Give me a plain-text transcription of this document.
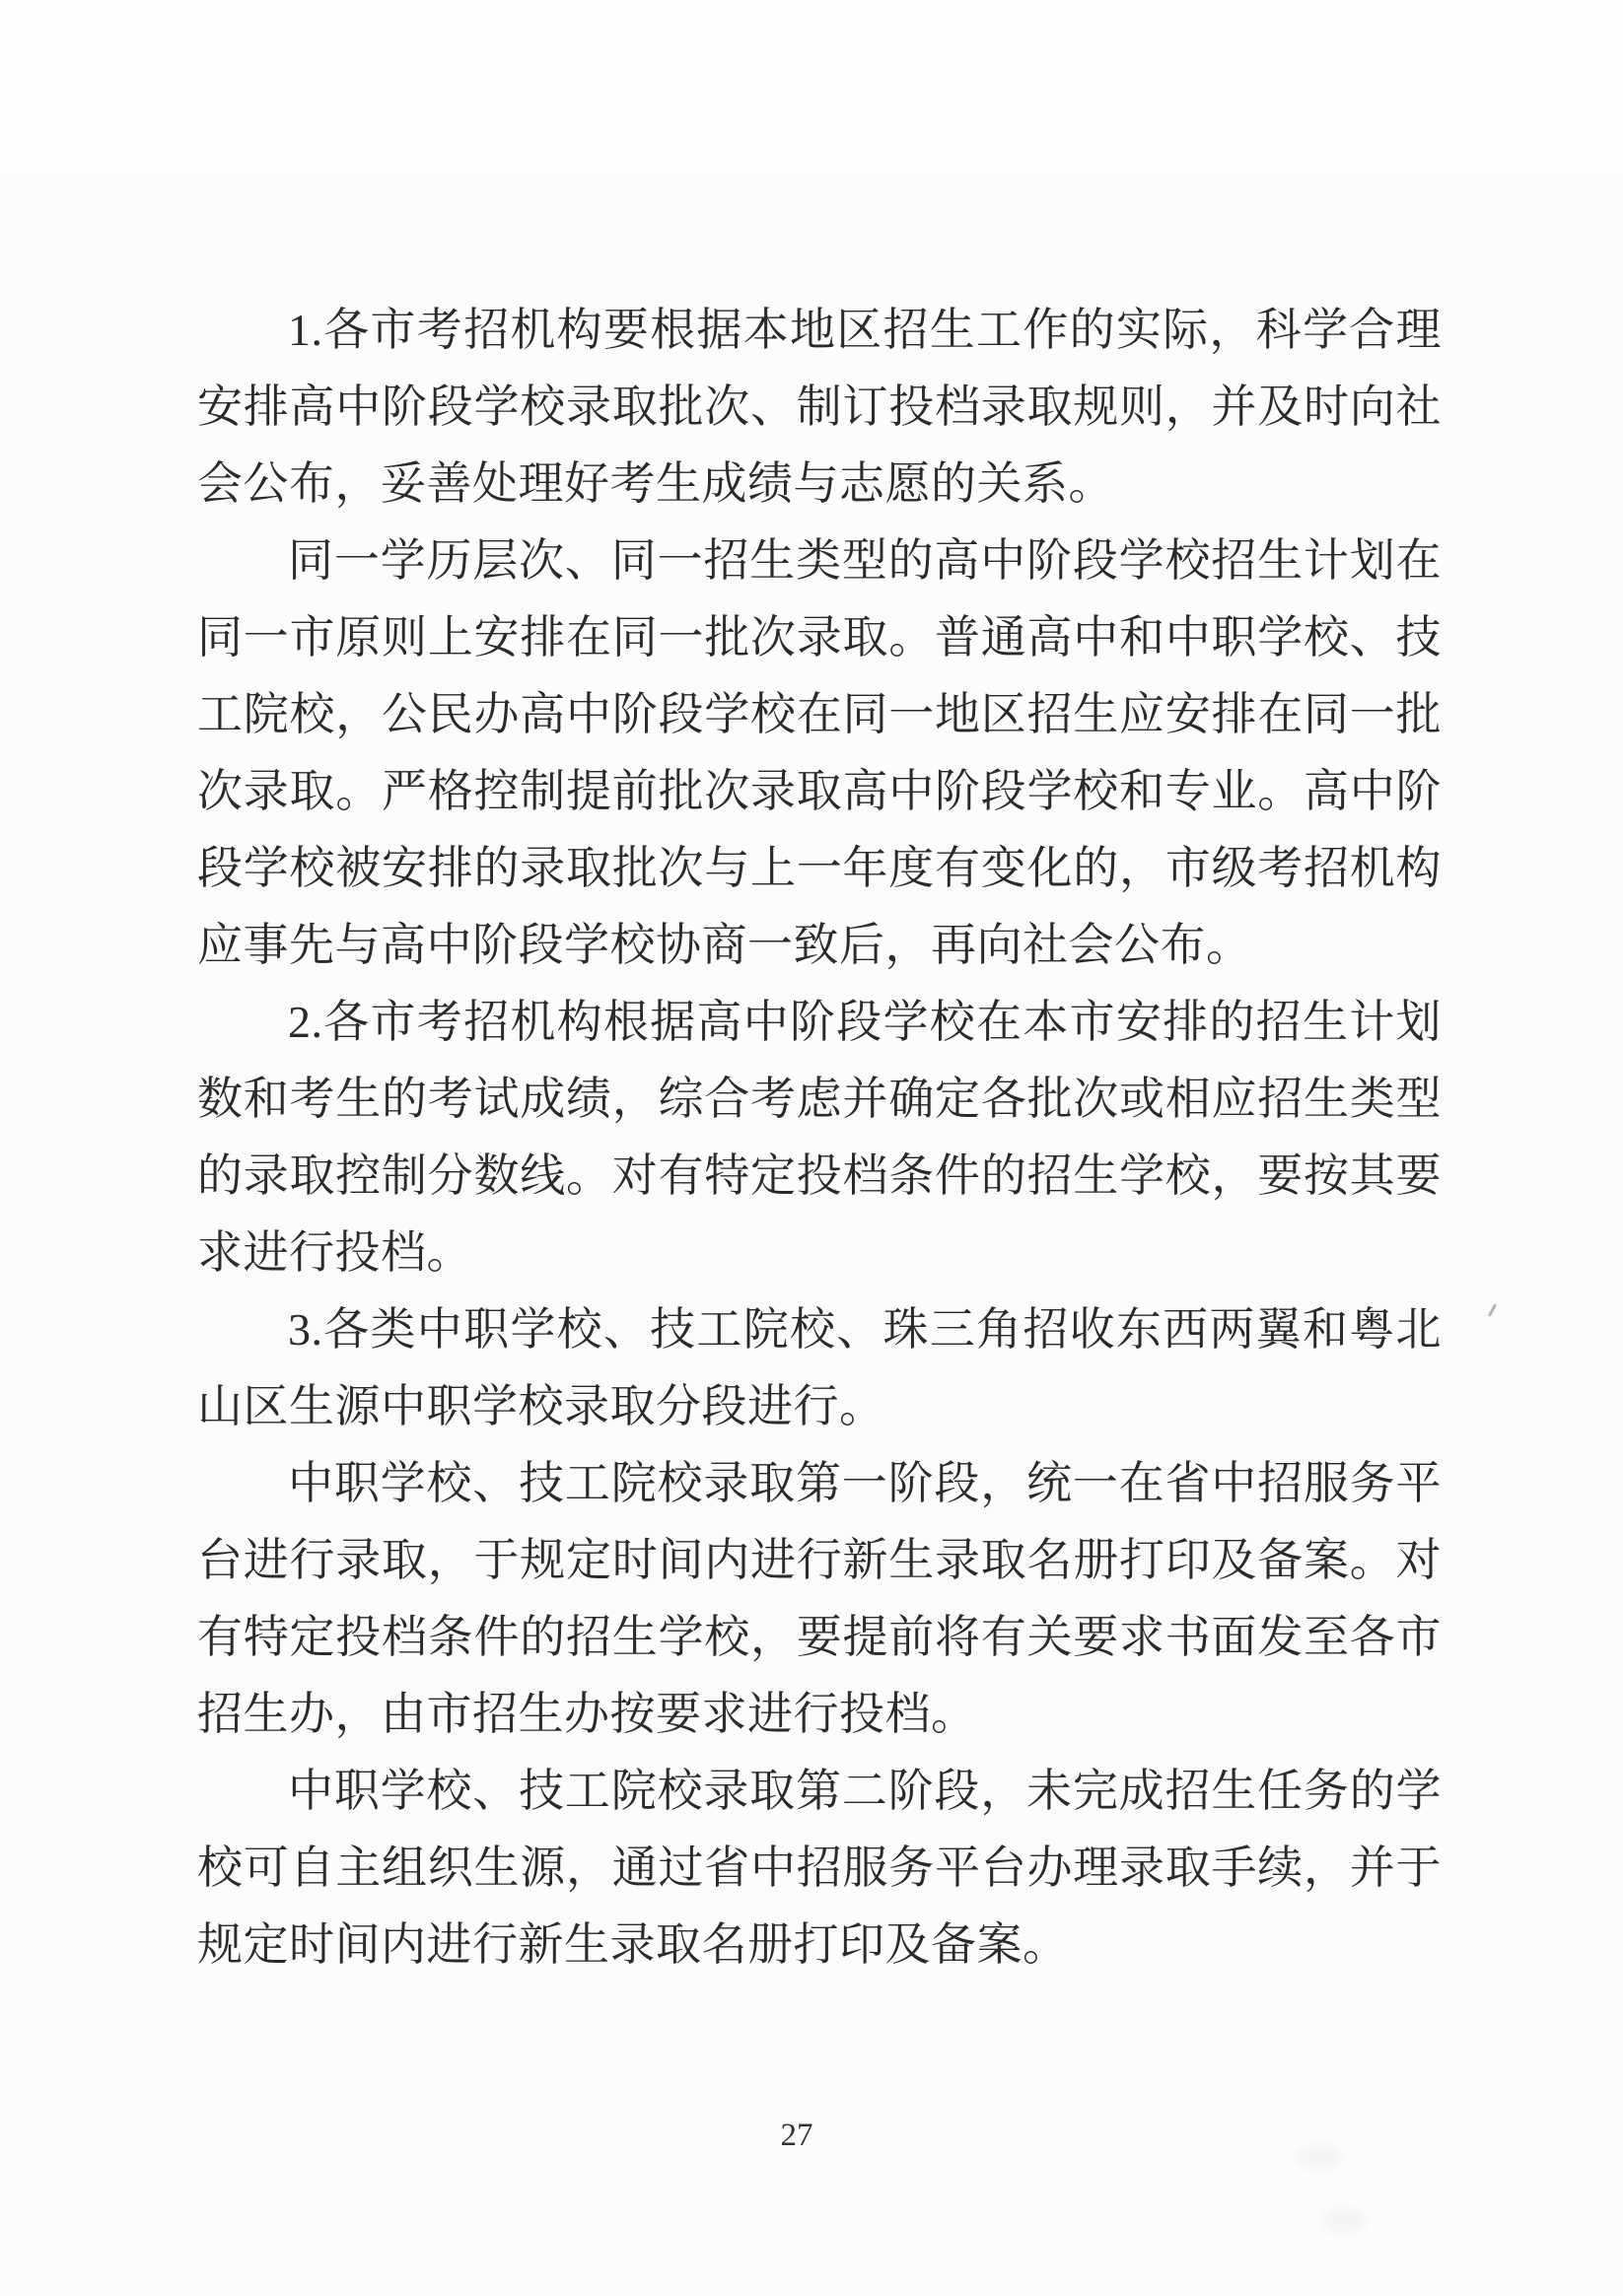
1.各市考招机构要根据本地区招生工作的实际，科学合理安排高中阶段学校录取批次、制订投档录取规则，并及时向社会公布，妥善处理好考生成绩与志愿的关系。

同一学历层次、同一招生类型的高中阶段学校招生计划在同一市原则上安排在同一批次录取。普通高中和中职学校、技工院校，公民办高中阶段学校在同一地区招生应安排在同一批次录取。严格控制提前批次录取高中阶段学校和专业。高中阶段学校被安排的录取批次与上一年度有变化的，市级考招机构应事先与高中阶段学校协商一致后，再向社会公布。

2.各市考招机构根据高中阶段学校在本市安排的招生计划数和考生的考试成绩，综合考虑并确定各批次或相应招生类型的录取控制分数线。对有特定投档条件的招生学校，要按其要求进行投档。

3.各类中职学校、技工院校、珠三角招收东西两翼和粤北山区生源中职学校录取分段进行。

中职学校、技工院校录取第一阶段，统一在省中招服务平台进行录取，于规定时间内进行新生录取名册打印及备案。对有特定投档条件的招生学校，要提前将有关要求书面发至各市招生办，由市招生办按要求进行投档。

中职学校、技工院校录取第二阶段，未完成招生任务的学校可自主组织生源，通过省中招服务平台办理录取手续，并于规定时间内进行新生录取名册打印及备案。

27
